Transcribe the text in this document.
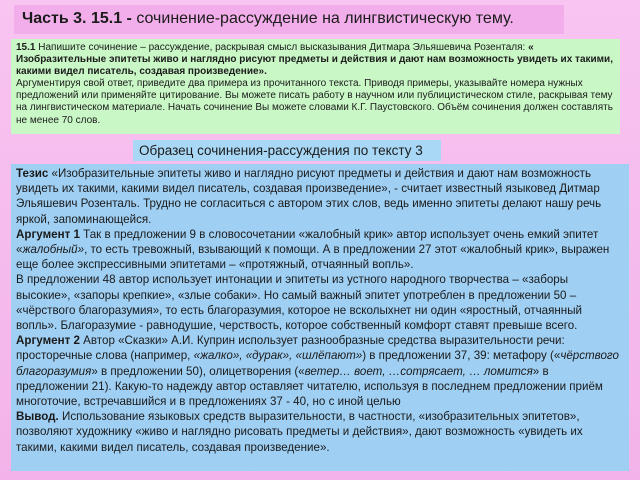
Часть 3. 15.1 - сочинение-рассуждение на лингвистическую тему.

15.1 Напишите сочинение – рассуждение, раскрывая смысл высказывания Дитмара Эльяшевича Розенталя: « Изобразительные эпитеты живо и наглядно рисуют предметы и действия и дают нам возможность увидеть их такими, какими видел писатель, создавая произведение».

Аргументируя свой ответ, приведите два примера из прочитанного текста. Приводя примеры, указывайте номера нужных предложений или применяйте цитирование. Вы можете писать работу в научном или публицистическом стиле, раскрывая тему на лингвистическом материале. Начать сочинение Вы можете словами К.Г. Паустовского. Объём сочинения должен составлять не менее 70 слов.

Образец сочинения-рассуждения по тексту 3

Тезис «Изобразительные эпитеты живо и наглядно рисуют предметы и действия и дают нам возможность увидеть их такими, какими видел писатель, создавая произведение», - считает известный языковед Дитмар Эльяшевич Розенталь. Трудно не согласиться с автором этих слов, ведь именно эпитеты делают нашу речь яркой, запоминающейся.

Аргумент 1 Так в предложении 9 в словосочетании «жалобный крик» автор использует очень емкий эпитет «жалобный», то есть тревожный, взывающий к помощи. А в предложении 27 этот «жалобный крик», выражен еще более экспрессивными эпитетами – «протяжный, отчаянный вопль».

В предложении 48 автор использует интонации и эпитеты из устного народного творчества – «заборы высокие», «запоры крепкие», «злые собаки». Но самый важный эпитет употреблен в предложении 50 – «чёрствого благоразумия», то есть благоразумия, которое не всколыхнет ни один «яростный, отчаянный вопль». Благоразумие - равнодушие, черствость, которое собственный комфорт ставят превыше всего.

Аргумент 2 Автор «Сказки» А.И. Куприн использует разнообразные средства выразительности речи: просторечные слова (например, «жалко», «дурак», «шлёпают») в предложении 37, 39: метафору («чёрствого благоразумия» в предложении 50), олицетворения («ветер… воет, …сотрясает, … ломится» в предложении 21). Какую-то надежду автор оставляет читателю, используя в последнем предложении приём многоточие, встречавшийся и в предложениях 37 - 40, но с иной целью

Вывод. Использование языковых средств выразительности, в частности, «изобразительных эпитетов», позволяют художнику «живо и наглядно рисовать предметы и действия», дают возможность «увидеть их такими, какими видел писатель, создавая произведение».
